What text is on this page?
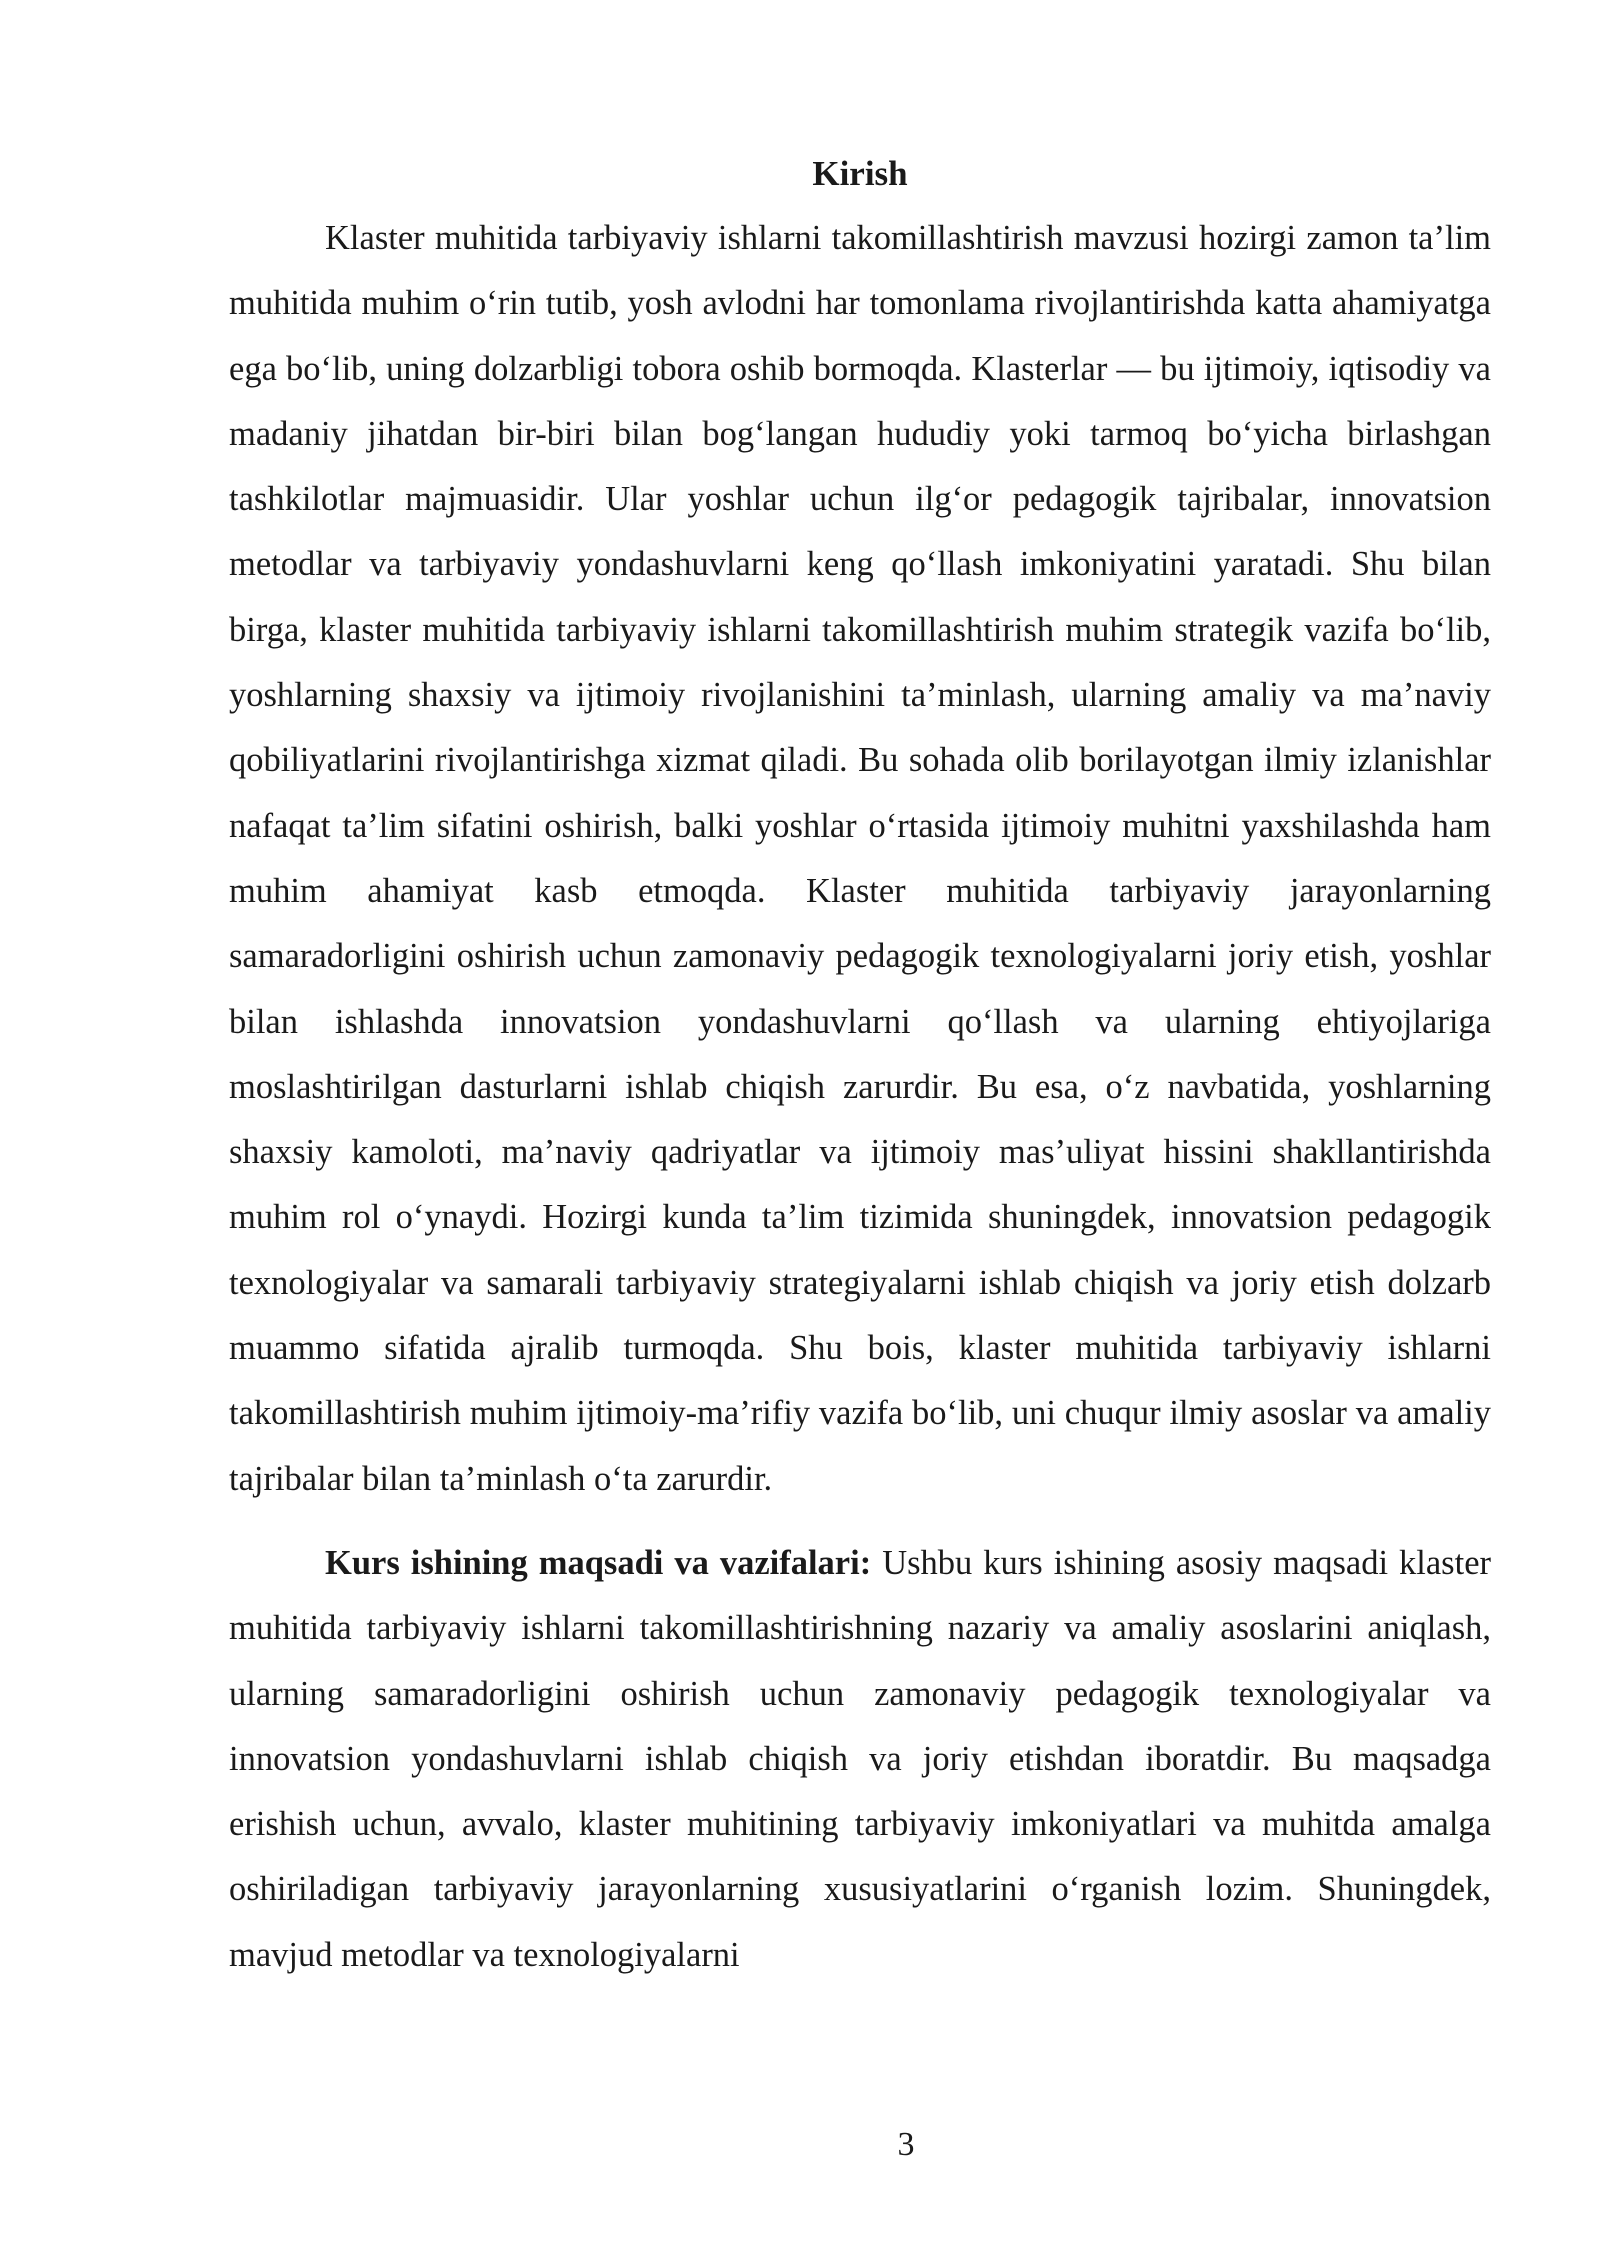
Kirish

Klaster muhitida tarbiyaviy ishlarni takomillashtirish mavzusi hozirgi zamon ta’lim muhitida muhim o‘rin tutib, yosh avlodni har tomonlama rivojlantirishda katta ahamiyatga ega bo‘lib, uning dolzarbligi tobora oshib bormoqda. Klasterlar — bu ijtimoiy, iqtisodiy va madaniy jihatdan bir-biri bilan bog‘langan hududiy yoki tarmoq bo‘yicha birlashgan tashkilotlar majmuasidir. Ular yoshlar uchun ilg‘or pedagogik tajribalar, innovatsion metodlar va tarbiyaviy yondashuvlarni keng qo‘llash imkoniyatini yaratadi. Shu bilan birga, klaster muhitida tarbiyaviy ishlarni takomillashtirish muhim strategik vazifa bo‘lib, yoshlarning shaxsiy va ijtimoiy rivojlanishini ta’minlash, ularning amaliy va ma’naviy qobiliyatlarini rivojlantirishga xizmat qiladi. Bu sohada olib borilayotgan ilmiy izlanishlar nafaqat ta’lim sifatini oshirish, balki yoshlar o‘rtasida ijtimoiy muhitni yaxshilashda ham muhim ahamiyat kasb etmoqda. Klaster muhitida tarbiyaviy jarayonlarning samaradorligini oshirish uchun zamonaviy pedagogik texnologiyalarni joriy etish, yoshlar bilan ishlashda innovatsion yondashuvlarni qo‘llash va ularning ehtiyojlariga moslashtirilgan dasturlarni ishlab chiqish zarurdir. Bu esa, o‘z navbatida, yoshlarning shaxsiy kamoloti, ma’naviy qadriyatlar va ijtimoiy mas’uliyat hissini shakllantirishda muhim rol o‘ynaydi. Hozirgi kunda ta’lim tizimida shuningdek, innovatsion pedagogik texnologiyalar va samarali tarbiyaviy strategiyalarni ishlab chiqish va joriy etish dolzarb muammo sifatida ajralib turmoqda. Shu bois, klaster muhitida tarbiyaviy ishlarni takomillashtirish muhim ijtimoiy-ma’rifiy vazifa bo‘lib, uni chuqur ilmiy asoslar va amaliy tajribalar bilan ta’minlash o‘ta zarurdir.

Kurs ishining maqsadi va vazifalari: Ushbu kurs ishining asosiy maqsadi klaster muhitida tarbiyaviy ishlarni takomillashtirishning nazariy va amaliy asoslarini aniqlash, ularning samaradorligini oshirish uchun zamonaviy pedagogik texnologiyalar va innovatsion yondashuvlarni ishlab chiqish va joriy etishdan iboratdir. Bu maqsadga erishish uchun, avvalo, klaster muhitining tarbiyaviy imkoniyatlari va muhitda amalga oshiriladigan tarbiyaviy jarayonlarning xususiyatlarini o‘rganish lozim. Shuningdek, mavjud metodlar va texnologiyalarni

3
